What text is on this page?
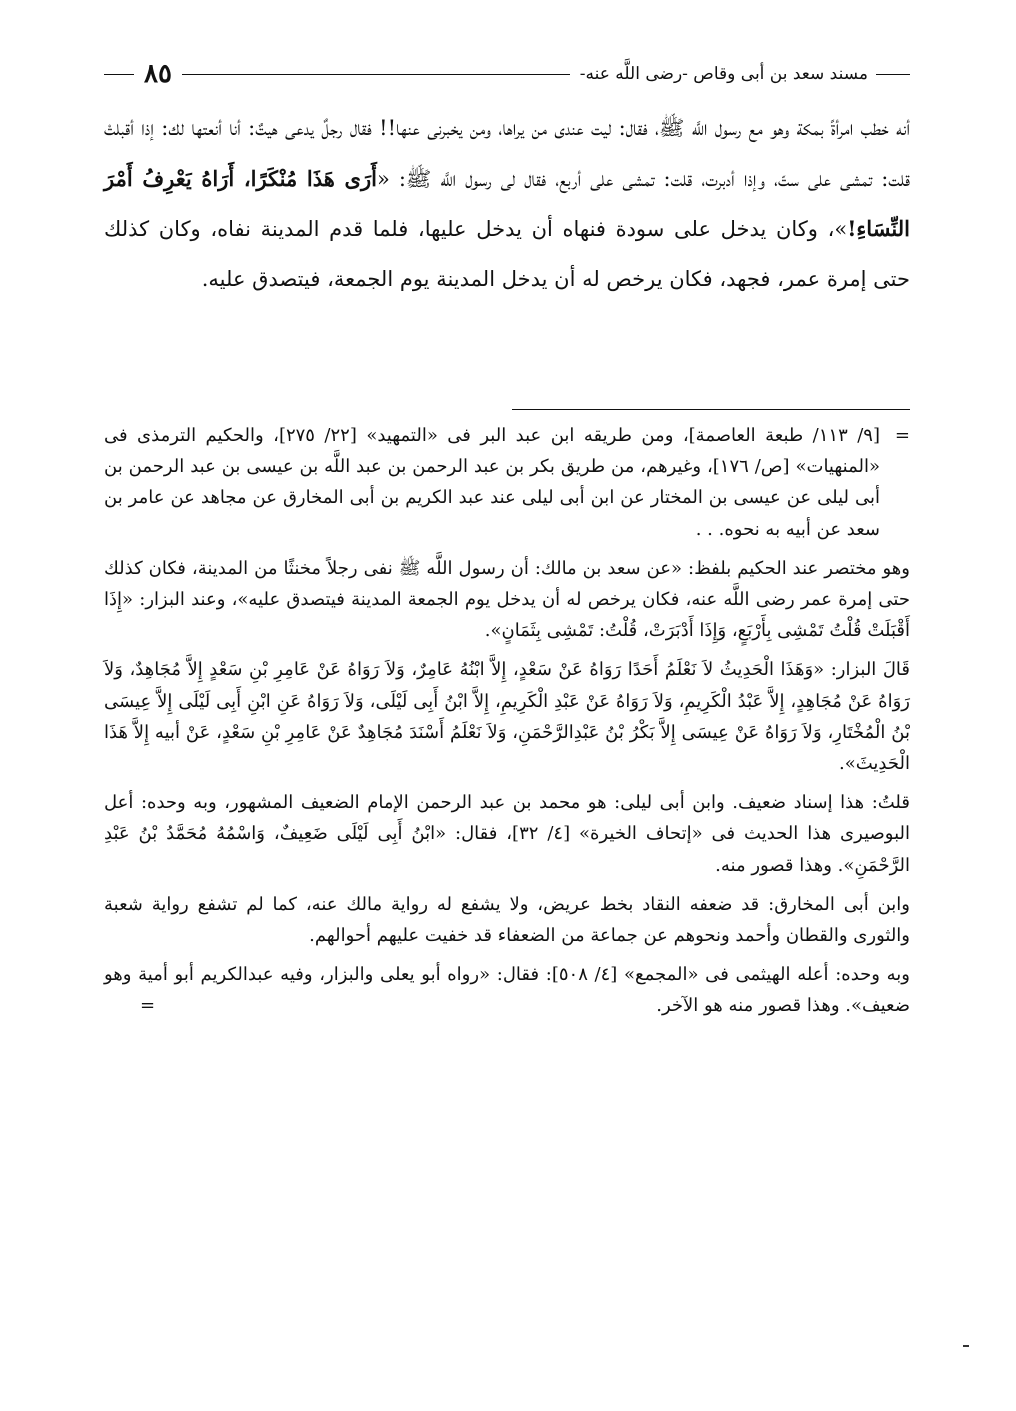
مسند سعد بن أبى وقاص -رضى اللَّه عنه-
٨٥

أنه خطب امرأةً بمكة وهو مع رسول اللَّه ﷺ، فقال: ليت عندى من يراها، ومن يخبرنى عنها!! فقال رجلٌ يدعى هيتٌ: أنا أنعتها لك: إذا أقبلتْ قلت: تمشى على ستّ، وإذا أدبرت، قلت: تمشى على أربع، فقال لى رسول اللَّه ﷺ: «أَرَى هَذَا مُنْكَرًا، أَرَاهُ يَعْرِفُ أَمْرَ النِّسَاءِ!»، وكان يدخل على سودة فنهاه أن يدخل عليها، فلما قدم المدينة نفاه، وكان كذلك حتى إمرة عمر، فجهد، فكان يرخص له أن يدخل المدينة يوم الجمعة، فيتصدق عليه.

=
[٩/ ١١٣/ طبعة العاصمة]، ومن طريقه ابن عبد البر فى «التمهيد» [٢٢/ ٢٧٥]، والحكيم الترمذى فى «المنهيات» [ص/ ١٧٦]، وغيرهم، من طريق بكر بن عبد الرحمن بن عبد اللَّه بن عيسى بن عبد الرحمن بن أبى ليلى عن عيسى بن المختار عن ابن أبى ليلى عند عبد الكريم بن أبى المخارق عن مجاهد عن عامر بن سعد عن أبيه به نحوه. . .

وهو مختصر عند الحكيم بلفظ: «عن سعد بن مالك: أن رسول اللَّه ﷺ نفى رجلاً مخنثًا من المدينة، فكان كذلك حتى إمرة عمر رضى اللَّه عنه، فكان يرخص له أن يدخل يوم الجمعة المدينة فيتصدق عليه»، وعند البزار: «إِذَا أَقْبَلَتْ قُلْتُ تَمْشِى بِأَرْبَعٍ، وَإِذَا أَدْبَرَتْ، قُلْتُ: تَمْشِى بِثَمَانٍ».

قَالَ البزار: «وَهَذَا الْحَدِيثُ لاَ نَعْلَمُ أَحَدًا رَوَاهُ عَنْ سَعْدٍ، إِلاَّ ابْنُهُ عَامِرٌ، وَلاَ رَوَاهُ عَنْ عَامِرِ بْنِ سَعْدٍ إِلاَّ مُجَاهِدٌ، وَلاَ رَوَاهُ عَنْ مُجَاهِدٍ، إِلاَّ عَبْدُ الْكَرِيمِ، وَلاَ رَوَاهُ عَنْ عَبْدِ الْكَرِيمِ، إِلاَّ ابْنُ أَبِى لَيْلَى، وَلاَ رَوَاهُ عَنِ ابْنِ أَبِى لَيْلَى إِلاَّ عِيسَى بْنُ الْمُخْتَارِ، وَلاَ رَوَاهُ عَنْ عِيسَى إِلاَّ بَكْرُ بْنُ عَبْدِالرَّحْمَنِ، وَلاَ نَعْلَمُ أَسْنَدَ مُجَاهِدٌ عَنْ عَامِرِ بْنِ سَعْدٍ، عَنْ أبيه إِلاَّ هَذَا الْحَدِيثَ».

قلتُ: هذا إسناد ضعيف. وابن أبى ليلى: هو محمد بن عبد الرحمن الإمام الضعيف المشهور، وبه وحده: أعل البوصيرى هذا الحديث فى «إتحاف الخيرة» [٤/ ٣٢]، فقال: «ابْنُ أَبِى لَيْلَى ضَعِيفٌ، وَاسْمُهُ مُحَمَّدُ بْنُ عَبْدِ الرَّحْمَنِ». وهذا قصور منه.

وابن أبى المخارق: قد ضعفه النقاد بخط عريض، ولا يشفع له رواية مالك عنه، كما لم تشفع رواية شعبة والثورى والقطان وأحمد ونحوهم عن جماعة من الضعفاء قد خفيت عليهم أحوالهم.

وبه وحده: أعله الهيثمى فى «المجمع» [٤/ ٥٠٨]: فقال: «رواه أبو يعلى والبزار، وفيه عبدالكريم أبو أمية وهو ضعيف». وهذا قصور منه هو الآخر.
=
